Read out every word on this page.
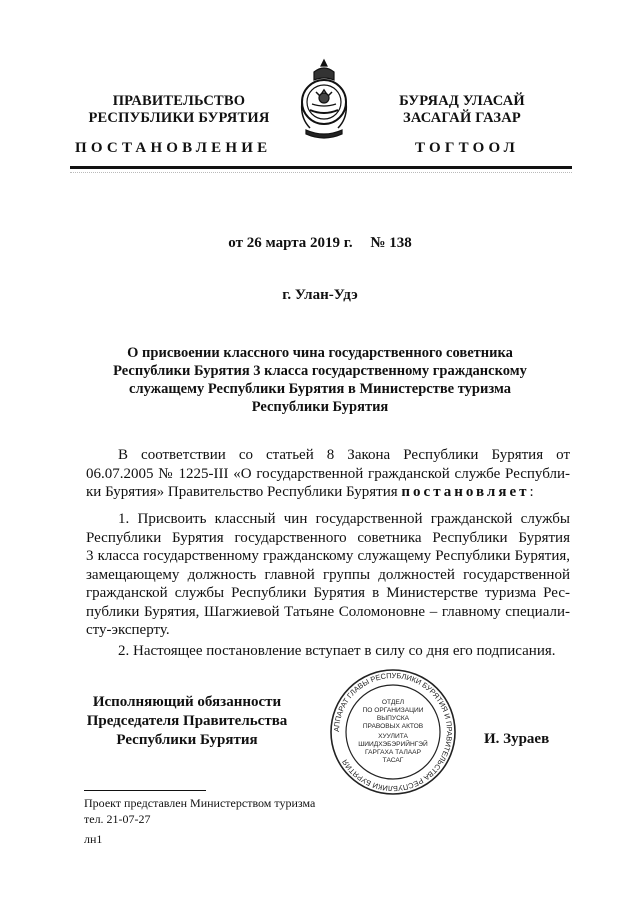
ПРАВИТЕЛЬСТВО
РЕСПУБЛИКИ БУРЯТИЯ
БУРЯАД УЛАСАЙ
ЗАСАГАЙ ГАЗАР
ПОСТАНОВЛЕНИЕ	ТОГТООЛ
от 26 марта 2019 г. № 138
г. Улан-Удэ
О присвоении классного чина государственного советника
Республики Бурятия 3 класса государственному гражданскому
служащему Республики Бурятия в Министерстве туризма
Республики Бурятия
В соответствии со статьей 8 Закона Республики Бурятия от
06.07.2005 № 1225-III «О государственной гражданской службе Республи-
ки Бурятия» Правительство Республики Бурятия постановляет:
1. Присвоить классный чин государственной гражданской службы
Республики Бурятия государственного советника Республики Бурятия
3 класса государственному гражданскому служащему Республики Бурятия,
замещающему должность главной группы должностей государственной
гражданской службы Республики Бурятия в Министерстве туризма Рес-
публики Бурятия, Шагжиевой Татьяне Соломоновне – главному специали-
сту-эксперту.
2. Настоящее постановление вступает в силу со дня его подписания.
Исполняющий обязанности
Председателя Правительства
Республики Бурятия
АППАРАТ ГЛАВЫ РЕСПУБЛИКИ БУРЯТИЯ И ПРАВИТЕЛЬСТВА РЕСПУБЛИКИ БУРЯТИЯ
ОТДЕЛ
ПО ОРГАНИЗАЦИИ
ВЫПУСКА
ПРАВОВЫХ АКТОВ
ХУУЛИТА
ШИИДХЭБЭРИЙНГЭЙ
ГАРГАХА ТАЛААР
ТАСАГ
И. Зураев
Проект представлен Министерством туризма
тел. 21-07-27
лн1
